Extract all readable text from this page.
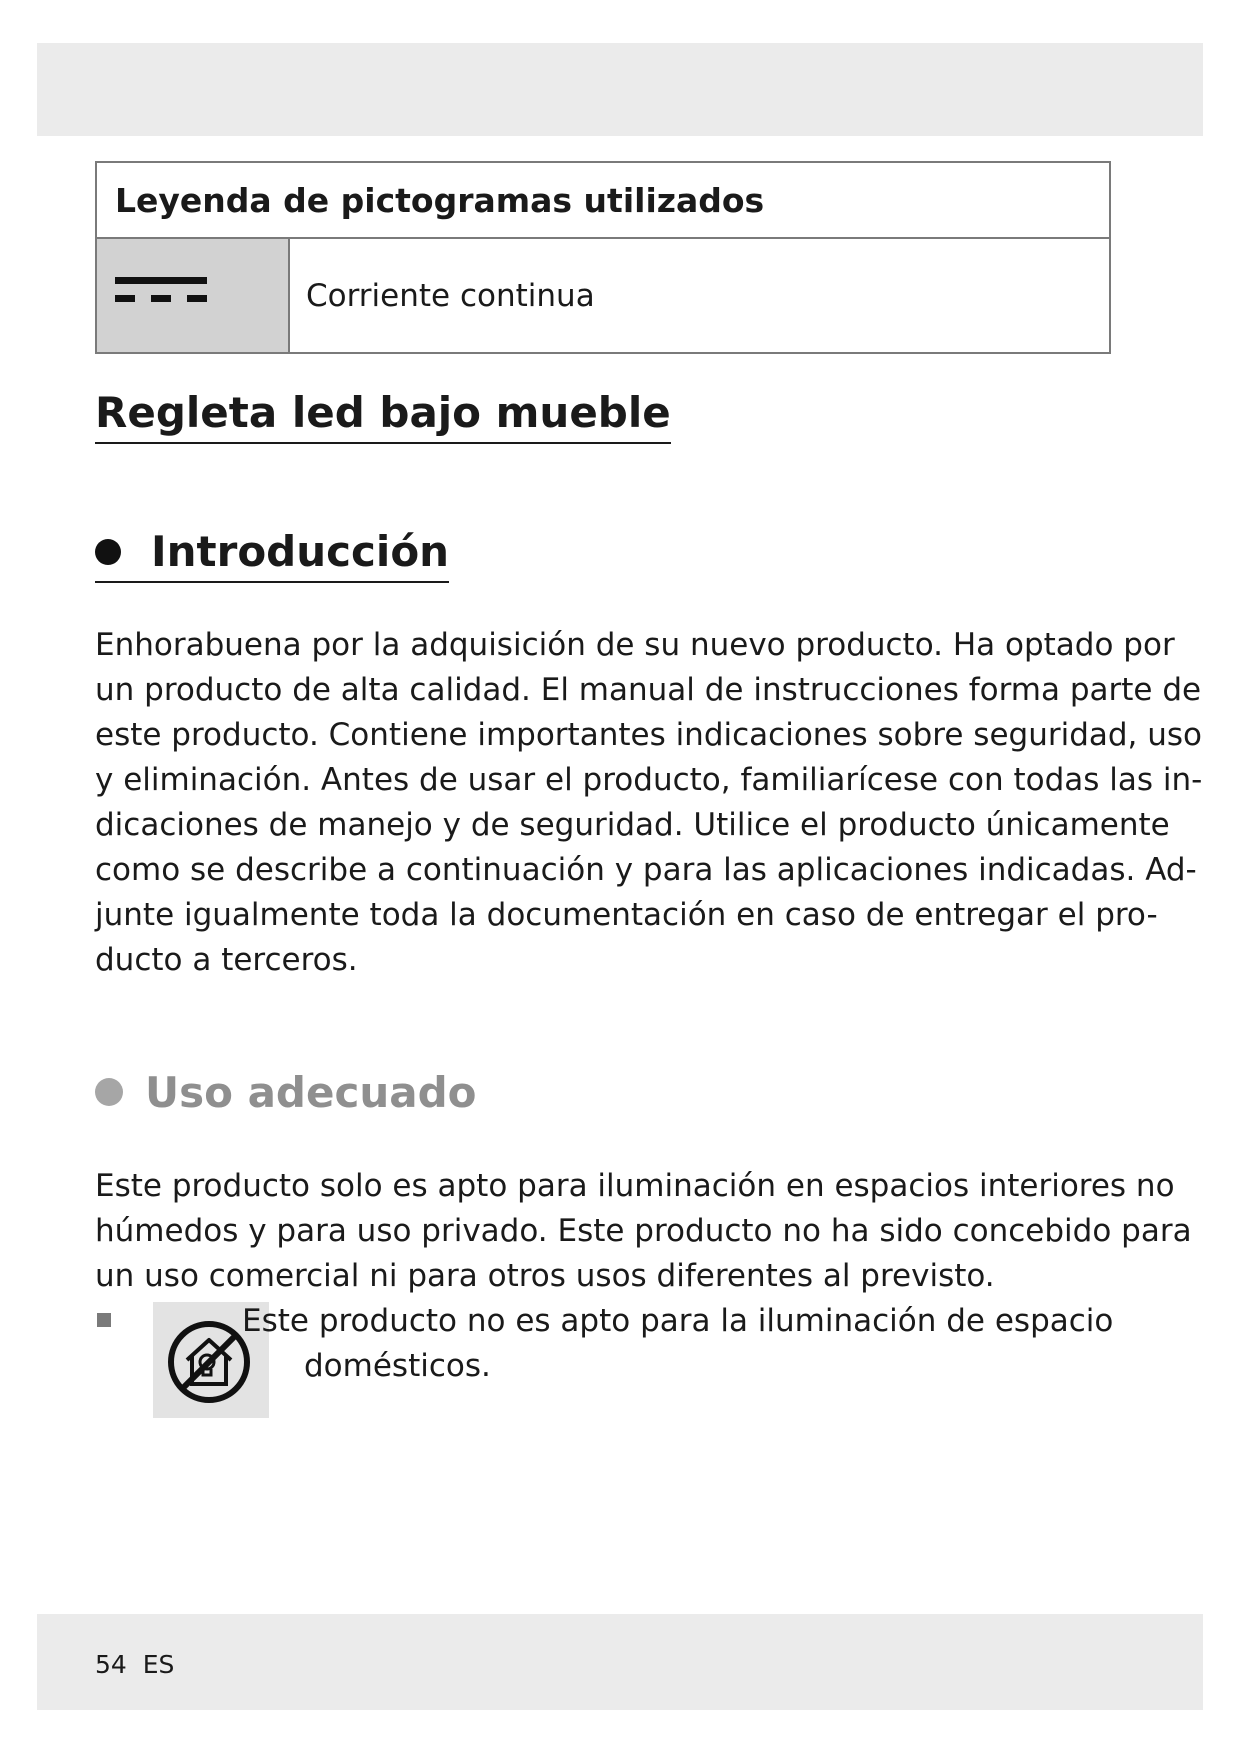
Leyenda de pictogramas utilizados
Corriente continua
Regleta led bajo mueble
Introducción

Enhorabuena por la adquisición de su nuevo producto. Ha optado por
un producto de alta calidad. El manual de instrucciones forma parte de
este producto. Contiene importantes indicaciones sobre seguridad, uso
y eliminación. Antes de usar el producto, familiarícese con todas las in-
dicaciones de manejo y de seguridad. Utilice el producto únicamente
como se describe a continuación y para las aplicaciones indicadas. Ad-
junte igualmente toda la documentación en caso de entregar el pro-
ducto a terceros.

Uso adecuado

Este producto solo es apto para iluminación en espacios interiores no
húmedos y para uso privado. Este producto no ha sido concebido para
un uso comercial ni para otros usos diferentes al previsto.

Este producto no es apto para la iluminación de espacio
domésticos.

54 ES
